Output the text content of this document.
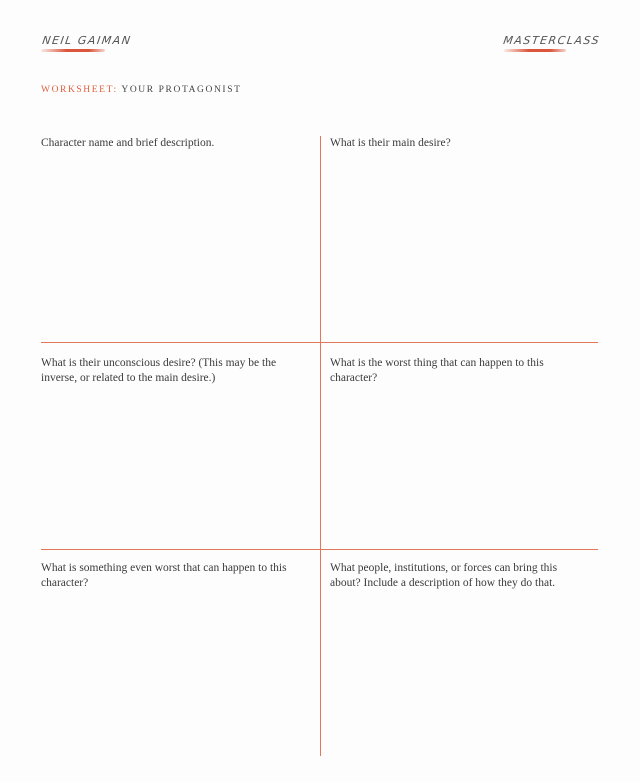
NEIL GAIMAN	MASTERCLASS
WORKSHEET: YOUR PROTAGONIST

Character name and brief description.	What is their main desire?

What is their unconscious desire? (This may be the inverse, or related to the main desire.)

What is the worst thing that can happen to this character?

What is something even worst that can happen to this character?

What people, institutions, or forces can bring this about? Include a description of how they do that.
